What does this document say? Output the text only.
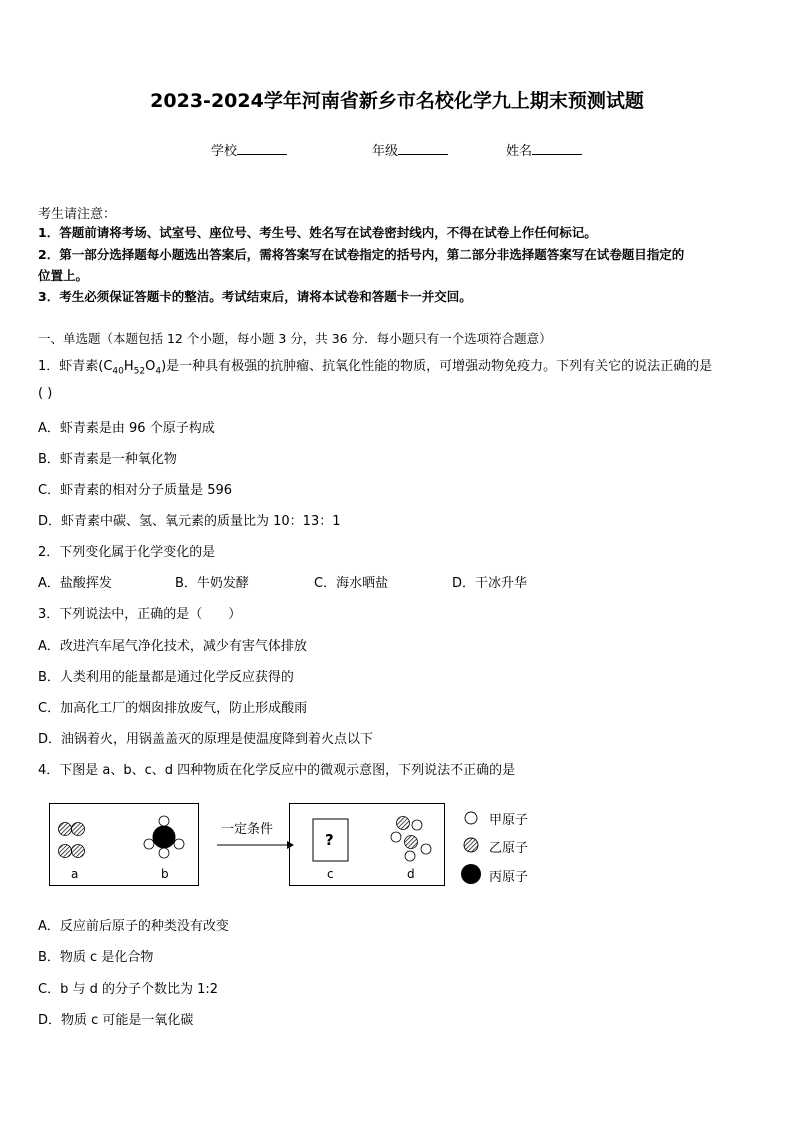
2023-2024学年河南省新乡市名校化学九上期末预测试题
学校	年级	姓名
考生请注意：
1．答题前请将考场、试室号、座位号、考生号、姓名写在试卷密封线内，不得在试卷上作任何标记。
2．第一部分选择题每小题选出答案后，需将答案写在试卷指定的括号内，第二部分非选择题答案写在试卷题目指定的
位置上。
3．考生必须保证答题卡的整洁。考试结束后，请将本试卷和答题卡一并交回。
一、单选题（本题包括 12 个小题，每小题 3 分，共 36 分．每小题只有一个选项符合题意）
1．虾青素$(C_{40}H_{52}O_4)$是一种具有极强的抗肿瘤、抗氧化性能的物质，可增强动物免疫力。下列有关它的说法正确的是
( )
A．虾青素是由 96 个原子构成
B．虾青素是一种氧化物
C．虾青素的相对分子质量是 596
D．虾青素中碳、氢、氧元素的质量比为 10：13：1
2．下列变化属于化学变化的是
A．盐酸挥发	B．牛奶发酵	C．海水晒盐	D．干冰升华
3．下列说法中，正确的是（　　）
A．改进汽车尾气净化技术，减少有害气体排放
B．人类利用的能量都是通过化学反应获得的
C．加高化工厂的烟囱排放废气，防止形成酸雨
D．油锅着火，用锅盖盖灭的原理是使温度降到着火点以下
4．下图是 a、b、c、d 四种物质在化学反应中的微观示意图，下列说法不正确的是
a	b
一定条件
?
c	d
甲原子
乙原子
丙原子
A．反应前后原子的种类没有改变
B．物质 c 是化合物
C．b 与 d 的分子个数比为 1:2
D．物质 c 可能是一氧化碳
